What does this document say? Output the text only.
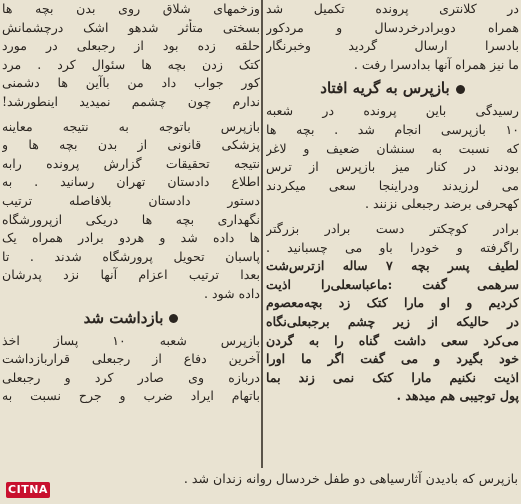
در کلانتری پرونده تکمیل شد
همراه دوبرادرخردسال و مردکور
بادسرا ارسال گردید وخبرنگار
ما نیز همراه آنها بدادسرا رفت .
بازپرس به گریه افتاد
رسیدگی باین پرونده در شعبه
۱۰ بازپرسی انجام شد . بچه ها
که نسبت به سنشان ضعیف و لاغر
بودند در کنار میز بازپرس از ترس
می لرزیدند ودراینجا سعی میکردند
کهحرفی برضد رجبعلی نزنند .
برادر کوچکتر دست برادر بزرگتر
راگرفته و خودرا باو می چسبانید .
لطیف پسر بچه ۷ ساله ازترس‌شت
سرهمی گفت :ماعباسعلی‌را اذیت
کردیم و او مارا کتک زد بچه‌معصوم
در حالیکه از زیر چشم برجبعلی‌نگاه
می‌کرد سعی داشت گناه را به گردن
خود بگیرد و می گفت اگر ما اورا
اذیت نکنیم مارا کتک نمی زند بما
پول توجیبی هم میدهد .
وزخمهای شلاق روی بدن بچه ها
بسختی متأثر شدهو اشک درچشمانش
حلقه زده بود از رجبعلی در مورد
کتک زدن بچه ها سئوال کرد . مرد
کور جواب داد من باآین ها دشمنی
ندارم چون چشمم نمیدید اینطورشد!
بازپرس باتوجه به نتیجه معاینه
پزشکی قانونی از بدن بچه ها و
نتیجه تحقیقات گزارش پرونده رابه
اطلاع دادستان تهران رسانید . به
دستور دادستان بلافاصله ترتیب
نگهداری بچه ها دریکی ازپرورشگاه
ها داده شد و هردو برادر همراه یک
پاسبان تحویل پرورشگاه شدند . تا
بعدا ترتیب اعزام آنها نزد پدرشان
داده شود .
بازداشت شد
بازپرس شعبه ۱۰ پساز اخذ
آخرین دفاع از رجبعلی قراربازداشت
دربازه وی صادر کرد و رجبعلی
باتهام ایراد ضرب و جرح نسبت به
بازپرس که بادیدن آثارسیاهی دو طفل خردسال روانه زندان شد .
CITNA
